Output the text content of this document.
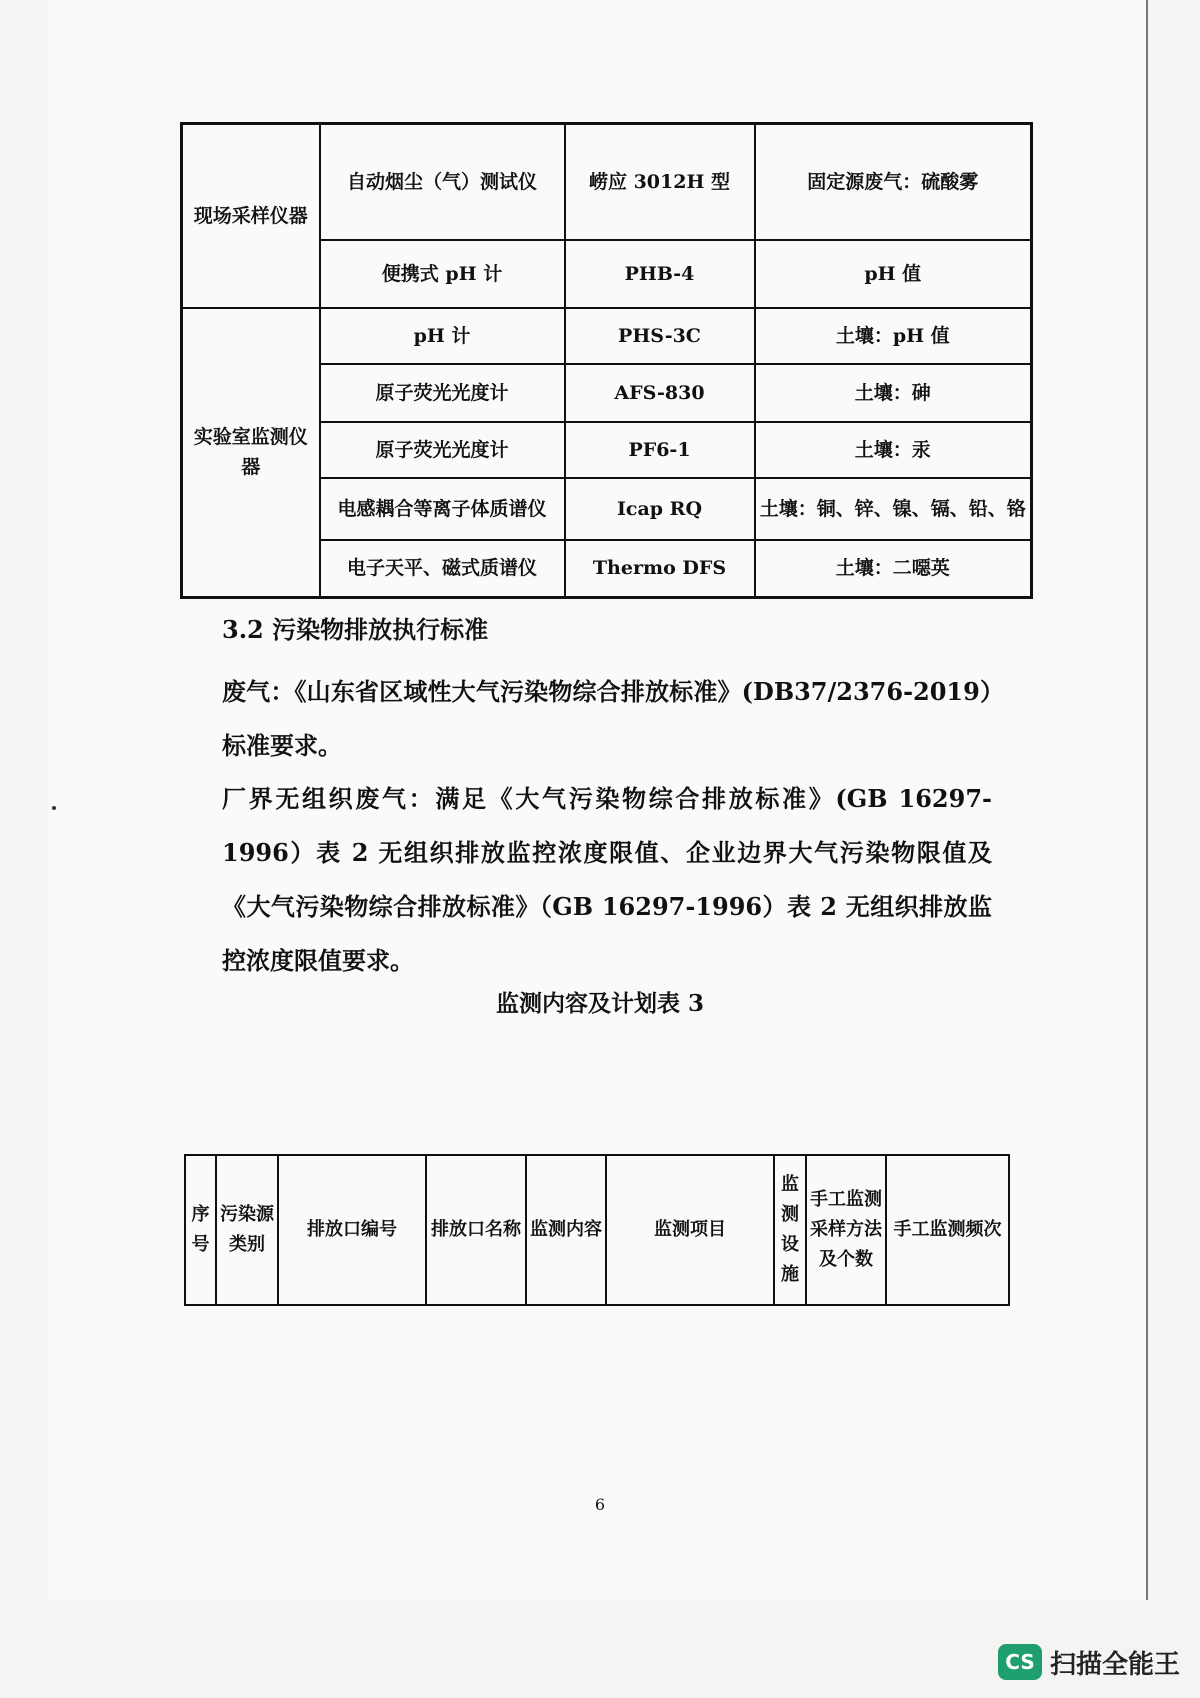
现场采样仪器	自动烟尘（气）测试仪	崂应 3012H 型	固定源废气：硫酸雾
	便携式 pH 计	PHB-4	pH 值
实验室监测仪器	pH 计	PHS-3C	土壤：pH 值
	原子荧光光度计	AFS-830	土壤：砷
	原子荧光光度计	PF6-1	土壤：汞
	电感耦合等离子体质谱仪	Icap RQ	土壤：铜、锌、镍、镉、铅、铬
	电子天平、磁式质谱仪	Thermo DFS	土壤：二噁英
3.2 污染物排放执行标准
废气：《山东省区域性大气污染物综合排放标准》(DB37/2376-2019）标准要求。
厂界无组织废气：满足《大气污染物综合排放标准》(GB 16297-1996）表 2 无组织排放监控浓度限值、企业边界大气污染物限值及《大气污染物综合排放标准》（GB 16297-1996）表 2 无组织排放监控浓度限值要求。
监测内容及计划表 3
序号	污染源类别	排放口编号	排放口名称	监测内容	监测项目	监测设施	手工监测采样方法及个数	手工监测频次
6
CS 扫描全能王
